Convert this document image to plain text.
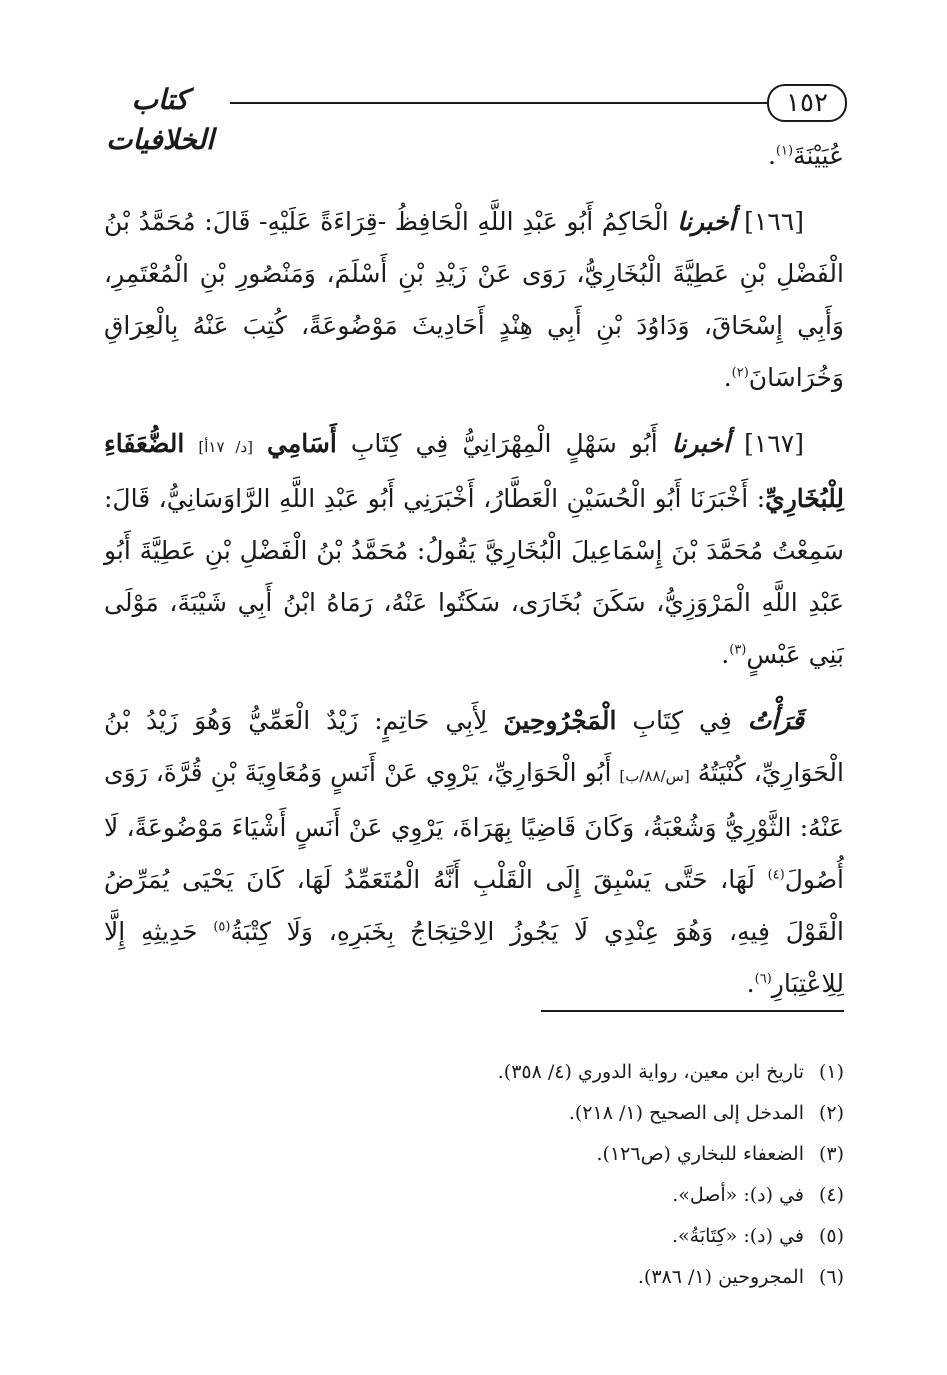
١٥٢
كتاب الخلافيات	عُيَيْنَةَ$^{(١)}$.

[١٦٦] أخبرنا الْحَاكِمُ أَبُو عَبْدِ اللَّهِ الْحَافِظُ -قِرَاءَةً عَلَيْهِ- قَالَ: مُحَمَّدُ بْنُ الْفَضْلِ بْنِ عَطِيَّةَ الْبُخَارِيُّ، رَوَى عَنْ زَيْدِ بْنِ أَسْلَمَ، وَمَنْصُورِ بْنِ الْمُعْتَمِرِ، وَأَبِي إِسْحَاقَ، وَدَاوُدَ بْنِ أَبِي هِنْدٍ أَحَادِيثَ مَوْضُوعَةً، كُتِبَ عَنْهُ بِالْعِرَاقِ وَخُرَاسَانَ$^{(٢)}$.

[١٦٧] أخبرنا أَبُو سَهْلٍ الْمِهْرَانِيُّ فِي كِتَابِ أَسَامِي [د/ ١٧أ] الضُّعَفَاءِ لِلْبُخَارِيِّ: أَخْبَرَنَا أَبُو الْحُسَيْنِ الْعَطَّارُ، أَخْبَرَنِي أَبُو عَبْدِ اللَّهِ الرَّاوَسَانِيُّ، قَالَ: سَمِعْتُ مُحَمَّدَ بْنَ إِسْمَاعِيلَ الْبُخَارِيَّ يَقُولُ: مُحَمَّدُ بْنُ الْفَضْلِ بْنِ عَطِيَّةَ أَبُو عَبْدِ اللَّهِ الْمَرْوَزِيُّ، سَكَنَ بُخَارَى، سَكَتُوا عَنْهُ، رَمَاهُ ابْنُ أَبِي شَيْبَةَ، مَوْلَى بَنِي عَبْسٍ$^{(٣)}$.

قَرَأْتُ فِي كِتَابِ الْمَجْرُوحِينَ لِأَبِي حَاتِمٍ: زَيْدٌ الْعَمِّيُّ وَهُوَ زَيْدُ بْنُ الْحَوَارِيِّ، كُنْيَتُهُ [س/٨٨/ب] أَبُو الْحَوَارِيِّ، يَرْوِي عَنْ أَنَسٍ وَمُعَاوِيَةَ بْنِ قُرَّةَ، رَوَى عَنْهُ: الثَّوْرِيُّ وَشُعْبَةُ، وَكَانَ قَاضِيًا بِهَرَاةَ، يَرْوِي عَنْ أَنَسٍ أَشْيَاءَ مَوْضُوعَةً، لَا أُصُولَ$^{(٤)}$ لَهَا، حَتَّى يَسْبِقَ إِلَى الْقَلْبِ أَنَّهُ الْمُتَعَمِّدُ لَهَا، كَانَ يَحْيَى يُمَرِّضُ الْقَوْلَ فِيهِ، وَهُوَ عِنْدِي لَا يَجُوزُ الِاحْتِجَاجُ بِخَبَرِهِ، وَلَا كِتْبَةُ$^{(٥)}$ حَدِيثِهِ إِلَّا لِلِاعْتِبَارِ$^{(٦)}$.

(١)تاريخ ابن معين، رواية الدوري (٤/ ٣٥٨).

(٢)المدخل إلى الصحيح (١/ ٢١٨).

(٣)الضعفاء للبخاري (ص١٢٦).

(٤)في (د): «أصل».

(٥)في (د): «كِتَابَةُ».

(٦)المجروحين (١/ ٣٨٦).
